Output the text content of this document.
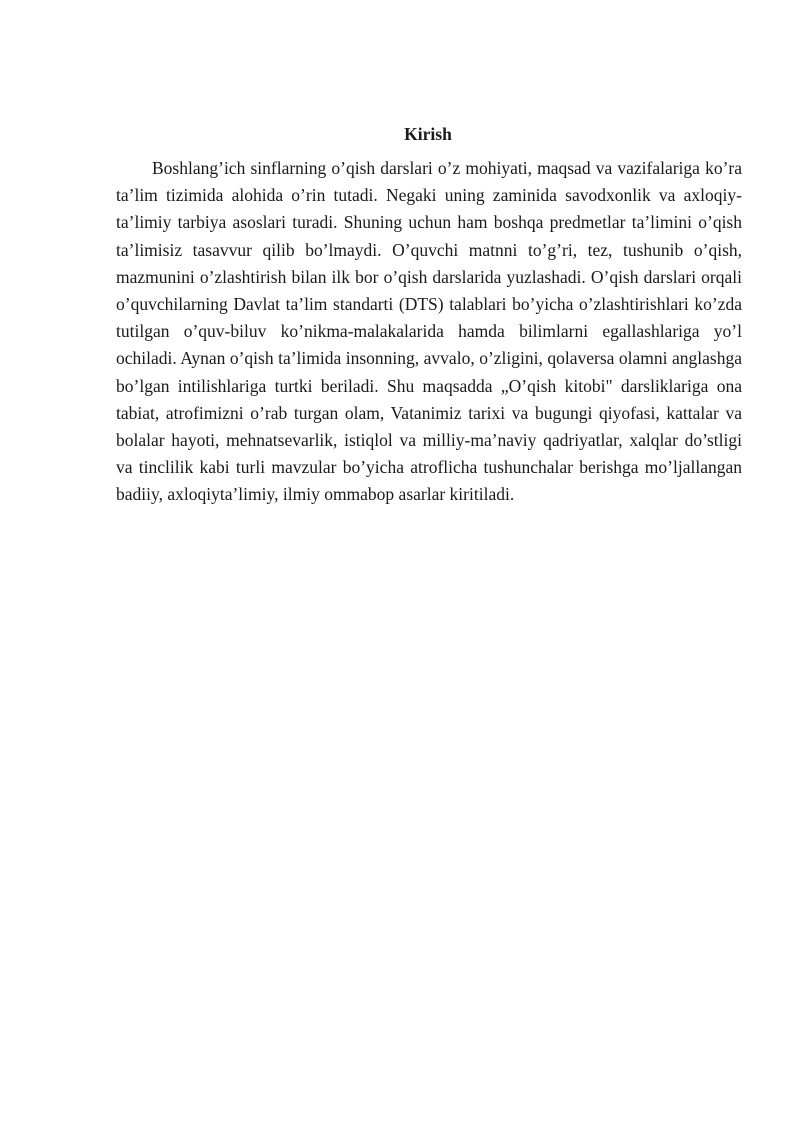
Kirish

Boshlang’ich sinflarning o’qish darslari o’z mohiyati, maqsad va vazifalariga ko’ra ta’lim tizimida alohida o’rin tutadi. Negaki uning zaminida savodxonlik va axloqiy-ta’limiy tarbiya asoslari turadi. Shuning uchun ham boshqa predmetlar ta’limini o’qish ta’limisiz tasavvur qilib bo’lmaydi. O’quvchi matnni to’g’ri, tez, tushunib o’qish, mazmunini o’zlashtirish bilan ilk bor o’qish darslarida yuzlashadi. O’qish darslari orqali o’quvchilarning Davlat ta’lim standarti (DTS) talablari bo’yicha o’zlashtirishlari ko’zda tutilgan o’quv-biluv ko’nikma-malakalarida hamda bilimlarni egallashlariga yo’l ochiladi. Aynan o’qish ta’limida insonning, avvalo, o’zligini, qolaversa olamni anglashga bo’lgan intilishlariga turtki beriladi. Shu maqsadda „O’qish kitobi" darsliklariga ona tabiat, atrofimizni o’rab turgan olam, Vatanimiz tarixi va bugungi qiyofasi, kattalar va bolalar hayoti, mehnatsevarlik, istiqlol va milliy-ma’naviy qadriyatlar, xalqlar do’stligi va tinclilik kabi turli mavzular bo’yicha atroflicha tushunchalar berishga mo’ljallangan badiiy, axloqiyta’limiy, ilmiy ommabop asarlar kiritiladi.
